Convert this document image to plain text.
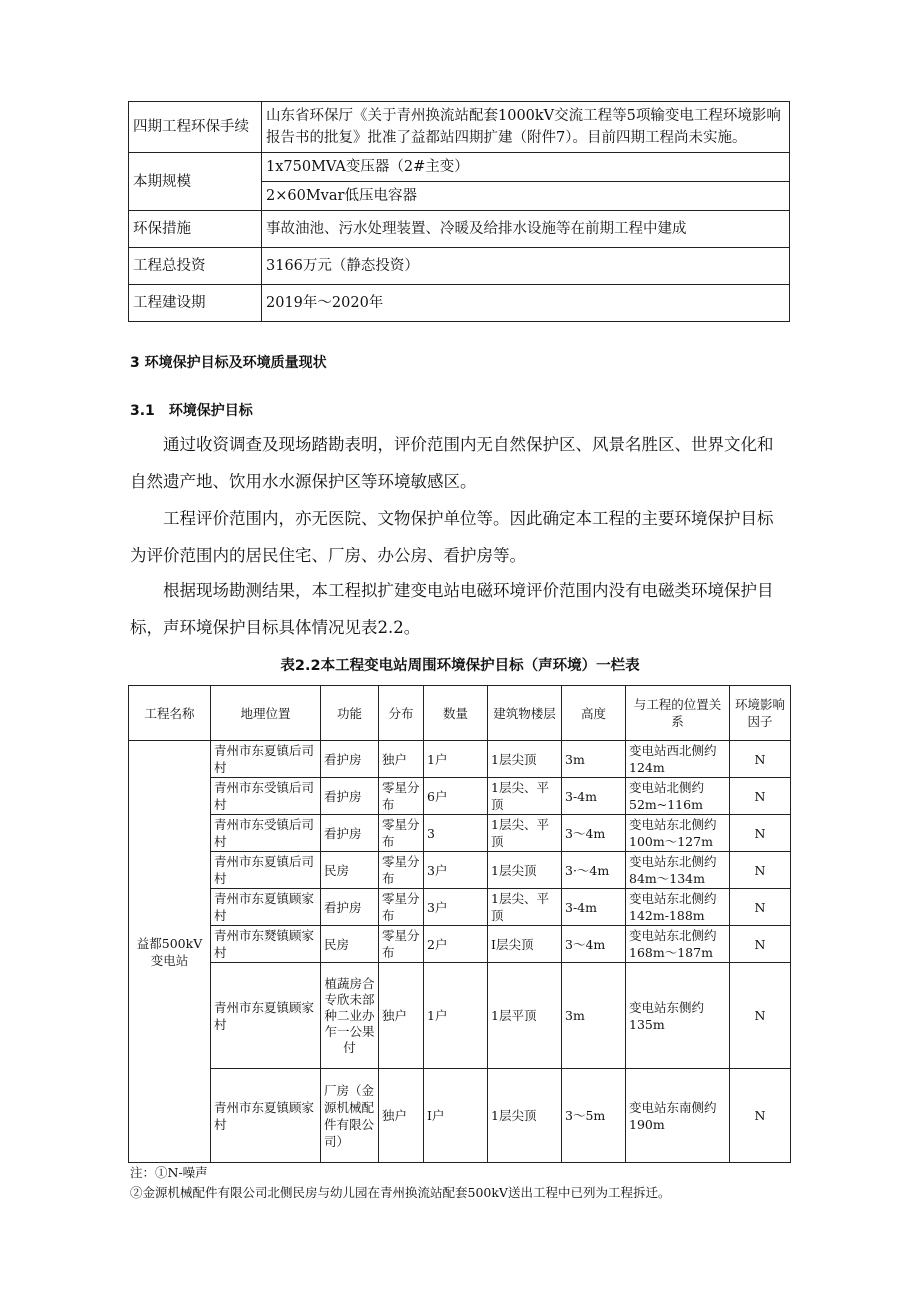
四期工程环保手续	山东省环保厅《关于青州换流站配套1000kV交流工程等5项输变电工程环境影响报告书的批复》批准了益都站四期扩建（附件7）。目前四期工程尚未实施。
本期规模	1x750MVA变压器（2#主变）
	2×60Mvar低压电容器
环保措施	事故油池、污水处理装置、冷暖及给排水设施等在前期工程中建成
工程总投资	3166万元（静态投资）
工程建设期	2019年～2020年
3 环境保护目标及环境质量现状
3.1 环境保护目标
通过收资调查及现场踏勘表明，评价范围内无自然保护区、风景名胜区、世界文化和自然遗产地、饮用水水源保护区等环境敏感区。
工程评价范围内，亦无医院、文物保护单位等。因此确定本工程的主要环境保护目标为评价范围内的居民住宅、厂房、办公房、看护房等。
根据现场勘测结果，本工程拟扩建变电站电磁环境评价范围内没有电磁类环境保护目标，声环境保护目标具体情况见表2.2。
表2.2本工程变电站周围环境保护目标（声环境）一栏表
工程名称	地理位置	功能	分布	数量	建筑物楼层	高度	与工程的位置关系	环境影响因子
益都500kV变电站	青州市东夏镇后司村	看护房	独户	1户	1层尖顶	3m	变电站西北侧约124m	N
	青州市东受镇后司村	看护房	零星分布	6户	1层尖、平顶	3-4m	变电站北侧约52m~116m	N
	青州市东受镇后司村	看护房	零星分布	3	1层尖、平顶	3～4m	变电站东北侧约100m～127m	N
	青州市东夏镇后司村	民房	零星分布	3户	1层尖顶	3·～4m	变电站东北侧约84m～134m	N
	青州市东夏镇顾家村	看护房	零星分布	3户	1层尖、平顶	3-4m	变电站东北侧约142m-188m	N
	青州市东燹镇顾家村	民房	零星分布	2户	I层尖顶	3～4m	变电站东北侧约168m～187m	N
	青州市东夏镇顾家村	植蔬房合专欣未部种二业办乍一公果付	独户	1户	1层平顶	3m	变电站东侧约135m	N
	青州市东夏镇顾家村	厂房（金源机械配件有限公司）	独户	I户	1层尖顶	3～5m	变电站东南侧约190m	N
注：①N-噪声
②金源机械配件有限公司北侧民房与幼儿园在青州换流站配套500kV送出工程中已列为工程拆迁。
